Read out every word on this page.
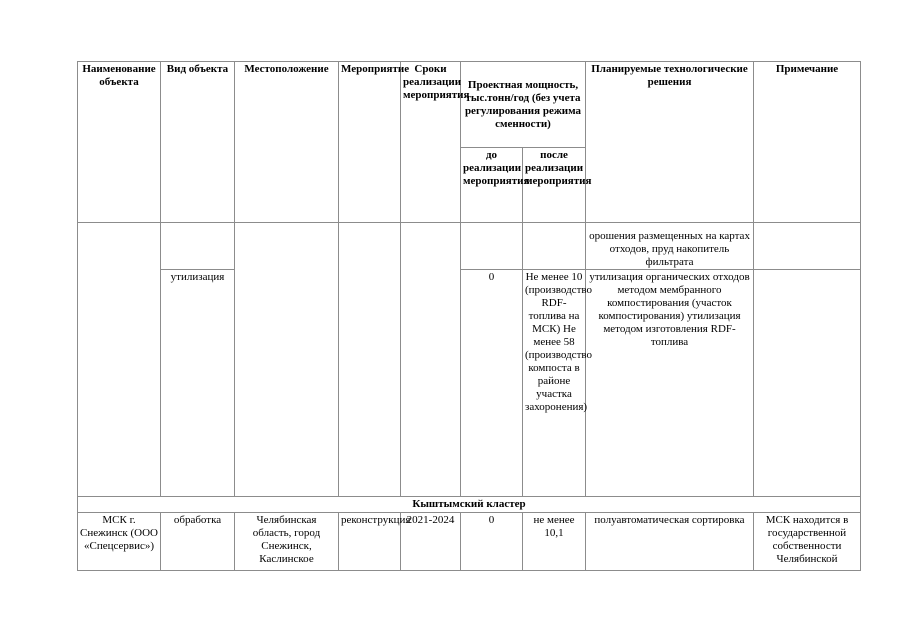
Наименование объекта	Вид объекта	Местоположение	Мероприятие	Сроки реализации мероприятия	Проектная мощность, тыс.тонн/год (без учета регулирования режима сменности)		Планируемые технологические решения	Примечание

					до реализации мероприятия	после реализации мероприятия		

							орошения размещенных на картах отходов, пруд накопитель фильтрата	

	утилизация				0	Не менее 10 (производство RDF-топлива на МСК) Не менее 58 (производство компоста в районе участка захоронения)	утилизация органических отходов методом мембранного компостирования (участок компостирования) утилизация методом изготовления RDF-топлива	
Кыштымский кластер								
МСК г. Снежинск (ООО «Спецсервис»)	обработка	Челябинская область, город Снежинск, Каслинское	реконструкция	2021-2024	0	не менее 10,1	полуавтоматическая сортировка	МСК находится в государственной собственности Челябинской
